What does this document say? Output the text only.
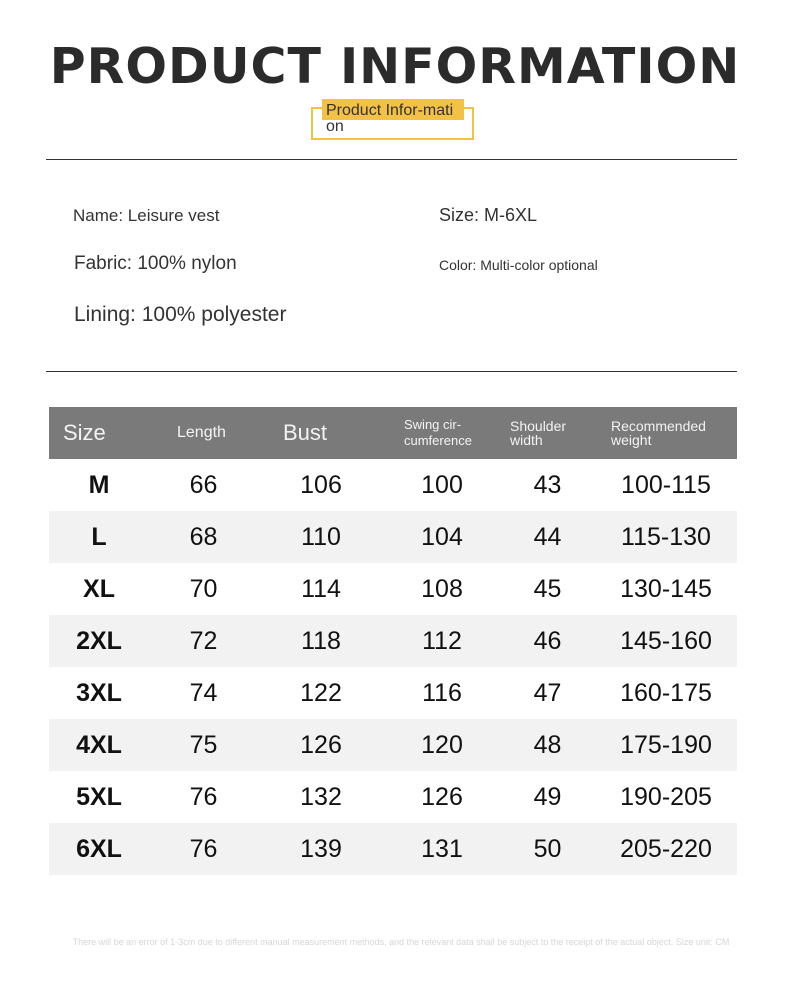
PRODUCT INFORMATION
Product Infor-mation
Name: Leisure vest	Size: M-6XL
Fabric: 100% nylon	Color: Multi-color optional
Lining: 100% polyester
Size	Length	Bust	Swing cir-cumference	Shoulder width	Recommended weight
M	66	106	100	43	100-115
L	68	110	104	44	115-130
XL	70	114	108	45	130-145
2XL	72	118	112	46	145-160
3XL	74	122	116	47	160-175
4XL	75	126	120	48	175-190
5XL	76	132	126	49	190-205
6XL	76	139	131	50	205-220
There will be an error of 1-3cm due to different manual measurement methods, and the relevant data shall be subject to the receipt of the actual object. Size unit: CM
